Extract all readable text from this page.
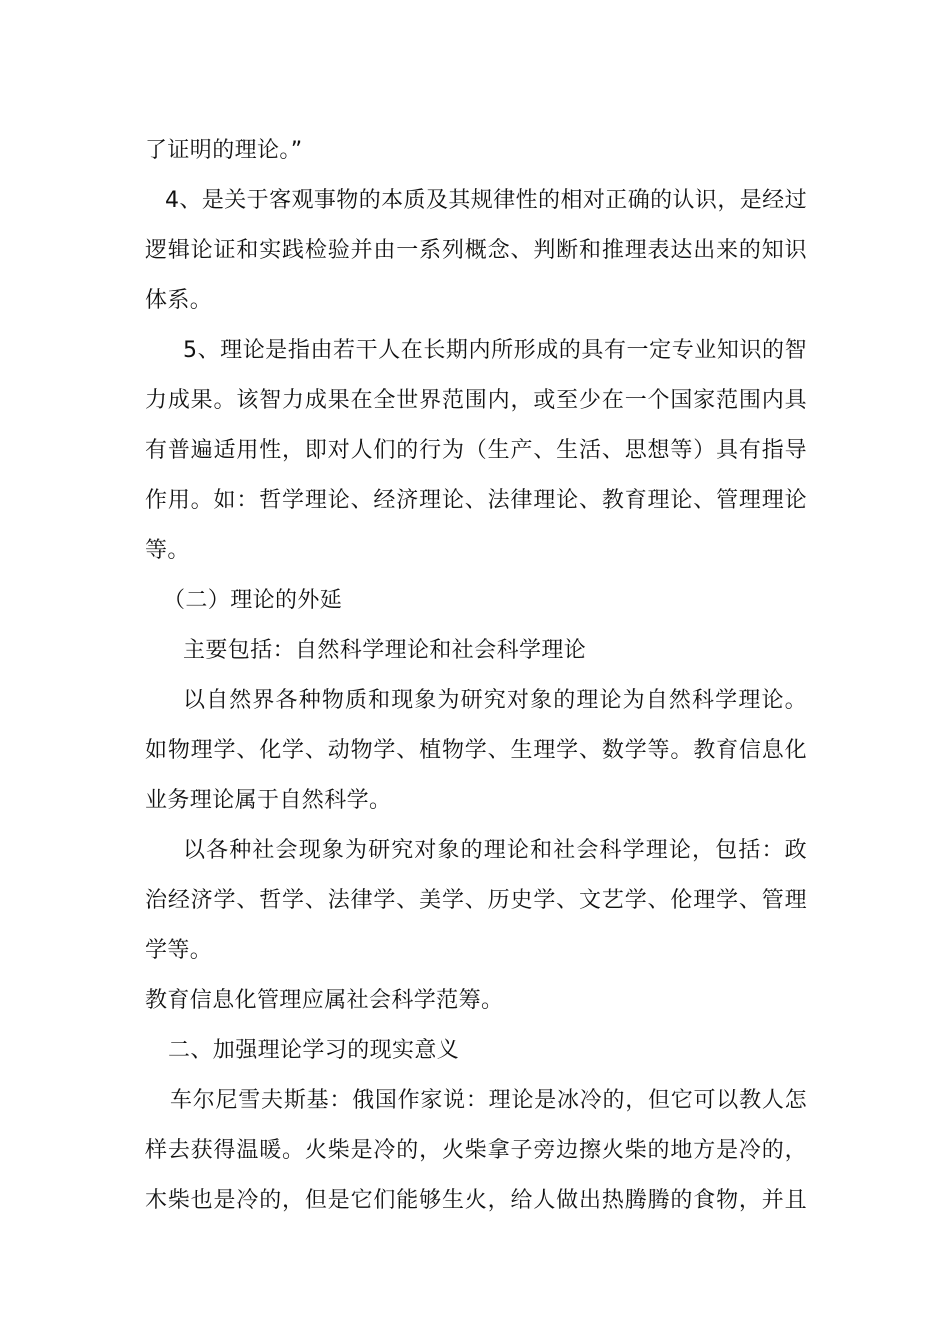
了证明的理论。”
4、是关于客观事物的本质及其规律性的相对正确的认识，是经过
逻辑论证和实践检验并由一系列概念、判断和推理表达出来的知识
体系。
5、理论是指由若干人在长期内所形成的具有一定专业知识的智
力成果。该智力成果在全世界范围内，或至少在一个国家范围内具
有普遍适用性，即对人们的行为（生产、生活、思想等）具有指导
作用。如：哲学理论、经济理论、法律理论、教育理论、管理理论
等。
（二）理论的外延
主要包括：自然科学理论和社会科学理论
以自然界各种物质和现象为研究对象的理论为自然科学理论。
如物理学、化学、动物学、植物学、生理学、数学等。教育信息化
业务理论属于自然科学。
以各种社会现象为研究对象的理论和社会科学理论，包括：政
治经济学、哲学、法律学、美学、历史学、文艺学、伦理学、管理
学等。
教育信息化管理应属社会科学范筹。
二、加强理论学习的现实意义
车尔尼雪夫斯基：俄国作家说：理论是冰冷的，但它可以教人怎
样去获得温暖。火柴是冷的，火柴拿子旁边擦火柴的地方是冷的，
木柴也是冷的，但是它们能够生火，给人做出热腾腾的食物，并且
